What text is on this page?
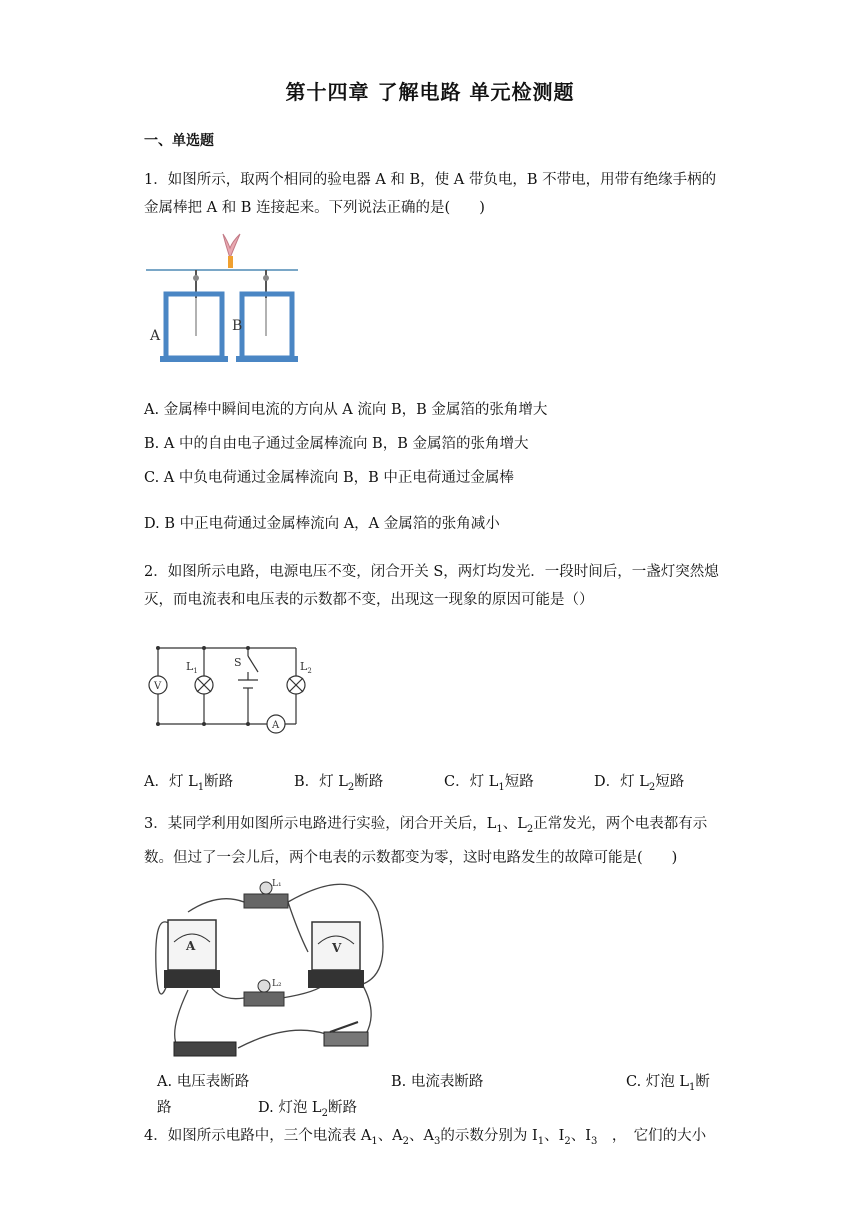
第十四章 了解电路 单元检测题
一、单选题
1．如图所示，取两个相同的验电器 A 和 B，使 A 带负电，B 不带电，用带有绝缘手柄的金属棒把 A 和 B 连接起来。下列说法正确的是(　　)
A
B
A. 金属棒中瞬间电流的方向从 A 流向 B，B 金属箔的张角增大
B. A 中的自由电子通过金属棒流向 B，B 金属箔的张角增大
C. A 中负电荷通过金属棒流向 B，B 中正电荷通过金属棒
D. B 中正电荷通过金属棒流向 A，A 金属箔的张角减小
2．如图所示电路，电源电压不变，闭合开关 S，两灯均发光．一段时间后，一盏灯突然熄灭，而电流表和电压表的示数都不变，出现这一现象的原因可能是（）
V
$L_1$
S	$L_2$
A
A．灯 $L_1$断路	B．灯 $L_2$断路	C．灯 $L_1$短路	D．灯 $L_2$短路
3．某同学利用如图所示电路进行实验，闭合开关后，$L_1$、$L_2$正常发光，两个电表都有示数。但过了一会儿后，两个电表的示数都变为零，这时电路发生的故障可能是(　　)
L₁
L₂
A	V
A. 电压表断路	B. 电流表断路	C. 灯泡 $L_1$断
路	D. 灯泡 $L_2$断路
4．如图所示电路中，三个电流表 $A_1$、$A_2$、$A_3$的示数分别为 $I_1$、$I_2$、$I_3$　，　它们的大小
